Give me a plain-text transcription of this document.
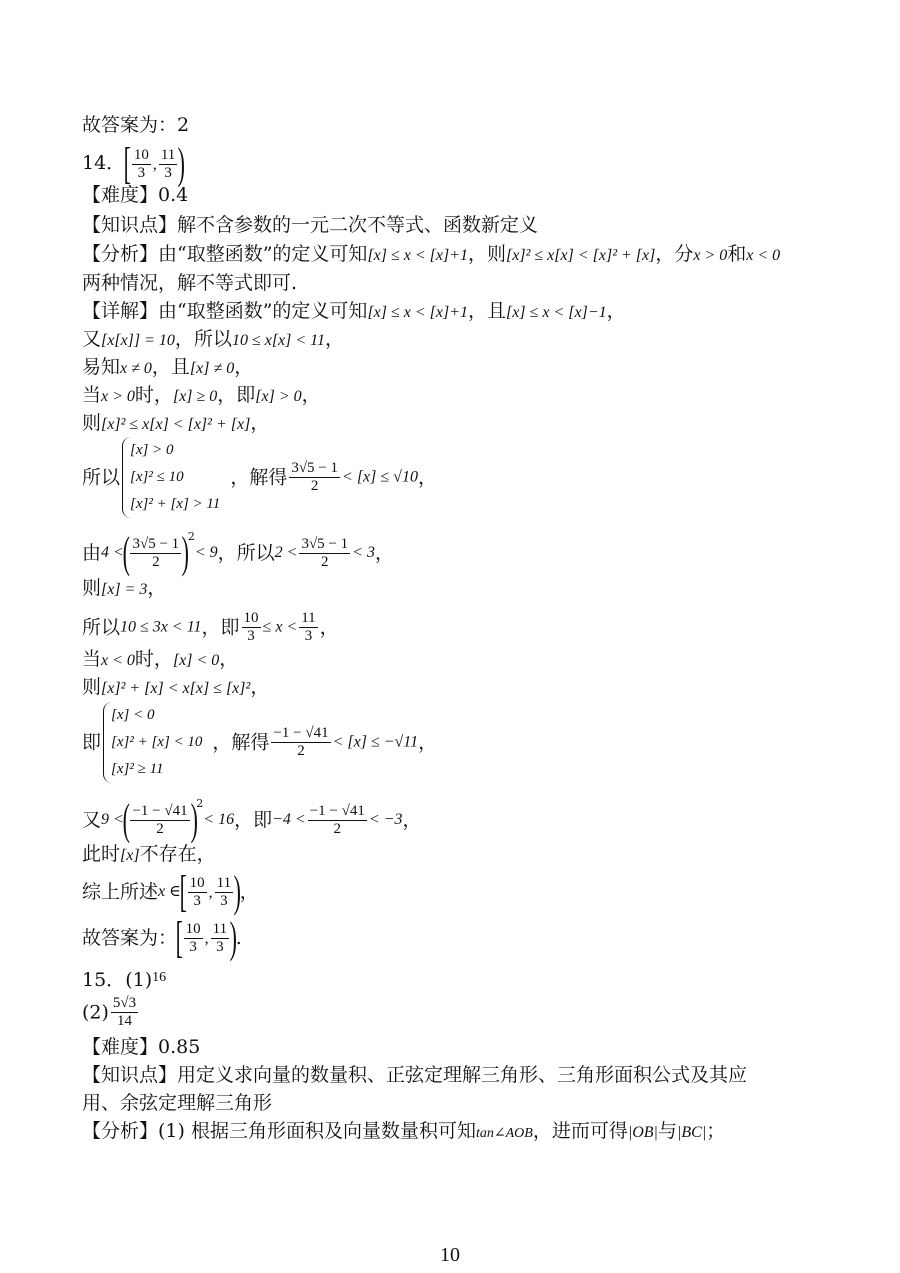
故答案为：2
14．[ $\frac{10}{3}$ , $\frac{11}{3}$ )
【难度】0.4
【知识点】解不含参数的一元二次不等式、函数新定义
【分析】由“取整函数”的定义可知[x] ≤ x < [x]+1，则[x]² ≤ x[x] < [x]² + [x]，分x > 0和x < 0
两种情况，解不等式即可.
【详解】由“取整函数”的定义可知[x] ≤ x < [x]+1，且[x] ≤ x < [x]−1，
又[x[x]] = 10，所以10 ≤ x[x] < 11，
易知x ≠ 0，且[x] ≠ 0，
当x > 0时，[x] ≥ 0，即[x] > 0，
则[x]² ≤ x[x] < [x]² + [x]，
所以
[x] > 0
[x]² ≤ 10
[x]² + [x] > 11
，解得 $\frac{3√5 - 1}{2} < [x] \le √10$，
由4 <( $\frac{3√5 - 1}{2} )^2< 9$，所以$2 < \frac{3√5 - 1}{2} < 3$，
则[x] = 3，
所以10 ≤ 3x < 11，即 $\frac{10}{3} \le x < \frac{11}{3}$ ，
当x < 0时，[x] < 0，
则[x]² + [x] < x[x] ≤ [x]²，
即
[x] < 0
[x]² + [x] < 10
[x]² ≥ 11
，解得 $\frac{-1 - √41}{2} < [x] \le -√11$，
又9 <( $\frac{-1 - √41}{2} )^2< 16$，即$-4 < \frac{-1 - √41}{2} < -3$，
此时[x]不存在，
综上所述x ∈[ $\frac{10}{3}$ , $\frac{11}{3}$ )，
故答案为：[ $\frac{10}{3}$ , $\frac{11}{3}$ ).
15．$(1)^{16}$
$(2) \frac{5√3}{14}$
【难度】0.85
【知识点】用定义求向量的数量积、正弦定理解三角形、三角形面积公式及其应
用、余弦定理解三角形
【分析】(1) 根据三角形面积及向量数量积可知tan∠AOB，进而可得|OB|与|BC|；
10
